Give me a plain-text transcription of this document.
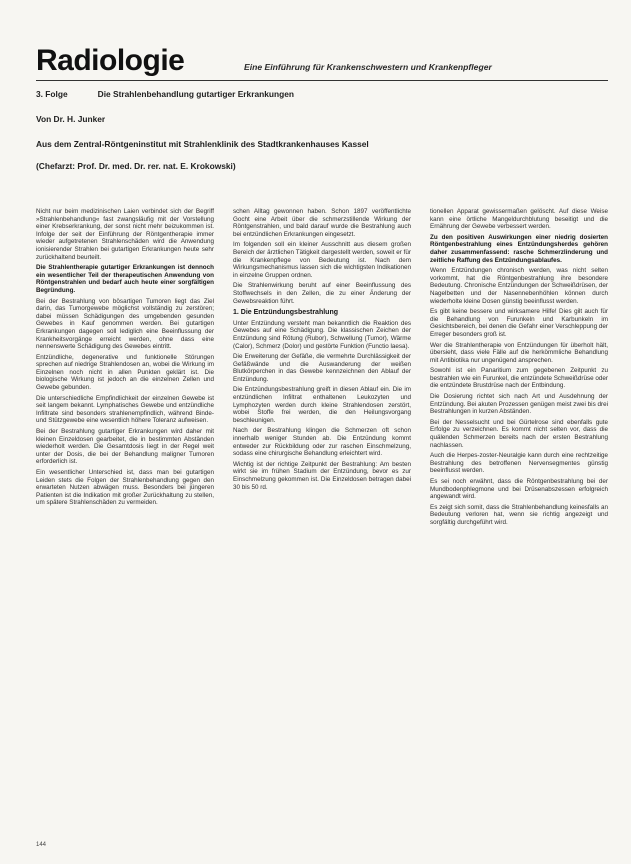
Radiologie	Eine Einführung für Krankenschwestern und Krankenpfleger
3. Folge	Die Strahlenbehandlung gutartiger Erkrankungen
Von Dr. H. Junker
Aus dem Zentral-Röntgeninstitut mit Strahlenklinik des Stadtkrankenhauses Kassel
(Chefarzt: Prof. Dr. med. Dr. rer. nat. E. Krokowski)

Nicht nur beim medizinischen Laien verbindet sich der Begriff »Strahlenbehandlung« fast zwangsläufig mit der Vorstellung einer Krebserkrankung, der sonst nicht mehr beizukommen ist. Infolge der seit der Einführung der Röntgentherapie immer wieder aufgetretenen Strahlenschäden wird die Anwendung ionisierender Strahlen bei gutartigen Erkrankungen heute sehr zurückhaltend beurteilt.

Die Strahlentherapie gutartiger Erkrankungen ist dennoch ein wesentlicher Teil der therapeutischen Anwendung von Röntgenstrahlen und bedarf auch heute einer sorgfältigen Begründung.

Bei der Bestrahlung von bösartigen Tumoren liegt das Ziel darin, das Tumorgewebe möglichst vollständig zu zerstören; dabei müssen Schädigungen des umgebenden gesunden Gewebes in Kauf genommen werden. Bei gutartigen Erkrankungen dagegen soll lediglich eine Beeinflussung der Krankheitsvorgänge erreicht werden, ohne dass eine nennenswerte Schädigung des Gewebes eintritt.

Entzündliche, degenerative und funktionelle Störungen sprechen auf niedrige Strahlendosen an, wobei die Wirkung im Einzelnen noch nicht in allen Punkten geklärt ist. Die biologische Wirkung ist jedoch an die einzelnen Zellen und Gewebe gebunden.

Die unterschiedliche Empfindlichkeit der einzelnen Gewebe ist seit langem bekannt. Lymphatisches Gewebe und entzündliche Infiltrate sind besonders strahlenempfindlich, während Binde- und Stützgewebe eine wesentlich höhere Toleranz aufweisen.

Bei der Bestrahlung gutartiger Erkrankungen wird daher mit kleinen Einzeldosen gearbeitet, die in bestimmten Abständen wiederholt werden. Die Gesamtdosis liegt in der Regel weit unter der Dosis, die bei der Behandlung maligner Tumoren erforderlich ist.

Ein wesentlicher Unterschied ist, dass man bei gutartigen Leiden stets die Folgen der Strahlenbehandlung gegen den erwarteten Nutzen abwägen muss. Besonders bei jüngeren Patienten ist die Indikation mit großer Zurückhaltung zu stellen, um spätere Strahlenschäden zu vermeiden.

schen Alltag gewonnen haben. Schon 1897 veröffentlichte Gocht eine Arbeit über die schmerzstillende Wirkung der Röntgenstrahlen, und bald darauf wurde die Bestrahlung auch bei entzündlichen Erkrankungen eingesetzt.

Im folgenden soll ein kleiner Ausschnitt aus diesem großen Bereich der ärztlichen Tätigkeit dargestellt werden, soweit er für die Krankenpflege von Bedeutung ist. Nach dem Wirkungsmechanismus lassen sich die wichtigsten Indikationen in einzelne Gruppen ordnen.

Die Strahlenwirkung beruht auf einer Beeinflussung des Stoffwechsels in den Zellen, die zu einer Änderung der Gewebsreaktion führt.

1. Die Entzündungsbestrahlung

Unter Entzündung versteht man bekanntlich die Reaktion des Gewebes auf eine Schädigung. Die klassischen Zeichen der Entzündung sind Rötung (Rubor), Schwellung (Tumor), Wärme (Calor), Schmerz (Dolor) und gestörte Funktion (Functio laesa).

Die Erweiterung der Gefäße, die vermehrte Durchlässigkeit der Gefäßwände und die Auswanderung der weißen Blutkörperchen in das Gewebe kennzeichnen den Ablauf der Entzündung.

Die Entzündungsbestrahlung greift in diesen Ablauf ein. Die im entzündlichen Infiltrat enthaltenen Leukozyten und Lymphozyten werden durch kleine Strahlendosen zerstört, wobei Stoffe frei werden, die den Heilungsvorgang beschleunigen.

Nach der Bestrahlung klingen die Schmerzen oft schon innerhalb weniger Stunden ab. Die Entzündung kommt entweder zur Rückbildung oder zur raschen Einschmelzung, sodass eine chirurgische Behandlung erleichtert wird.

Wichtig ist der richtige Zeitpunkt der Bestrahlung: Am besten wirkt sie im frühen Stadium der Entzündung, bevor es zur Einschmelzung gekommen ist. Die Einzeldosen betragen dabei 30 bis 50 rd.

tionellen Apparat gewissermaßen gelöscht. Auf diese Weise kann eine örtliche Mangeldurchblutung beseitigt und die Ernährung der Gewebe verbessert werden.

Zu den positiven Auswirkungen einer niedrig dosierten Röntgenbestrahlung eines Entzündungsherdes gehören daher zusammenfassend: rasche Schmerzlinderung und zeitliche Raffung des Entzündungsablaufes.

Wenn Entzündungen chronisch werden, was nicht selten vorkommt, hat die Röntgenbestrahlung ihre besondere Bedeutung. Chronische Entzündungen der Schweißdrüsen, der Nagelbetten und der Nasennebenhöhlen können durch wiederholte kleine Dosen günstig beeinflusst werden.

Es gibt keine bessere und wirksamere Hilfe! Dies gilt auch für die Behandlung von Furunkeln und Karbunkeln im Gesichtsbereich, bei denen die Gefahr einer Verschleppung der Erreger besonders groß ist.

Wer die Strahlentherapie von Entzündungen für überholt hält, übersieht, dass viele Fälle auf die herkömmliche Behandlung mit Antibiotika nur ungenügend ansprechen.

Sowohl ist ein Panaritium zum gegebenen Zeitpunkt zu bestrahlen wie ein Furunkel, die entzündete Schweißdrüse oder die entzündete Brustdrüse nach der Entbindung.

Die Dosierung richtet sich nach Art und Ausdehnung der Entzündung. Bei akuten Prozessen genügen meist zwei bis drei Bestrahlungen in kurzen Abständen.

Bei der Nesselsucht und bei Gürtelrose sind ebenfalls gute Erfolge zu verzeichnen. Es kommt nicht selten vor, dass die quälenden Schmerzen bereits nach der ersten Bestrahlung nachlassen.

Auch die Herpes-zoster-Neuralgie kann durch eine rechtzeitige Bestrahlung des betroffenen Nervensegmentes günstig beeinflusst werden.

Es sei noch erwähnt, dass die Röntgenbestrahlung bei der Mundbodenphlegmone und bei Drüsenabszessen erfolgreich angewandt wird.

Es zeigt sich somit, dass die Strahlenbehandlung keinesfalls an Bedeutung verloren hat, wenn sie richtig angezeigt und sorgfältig durchgeführt wird.

144
